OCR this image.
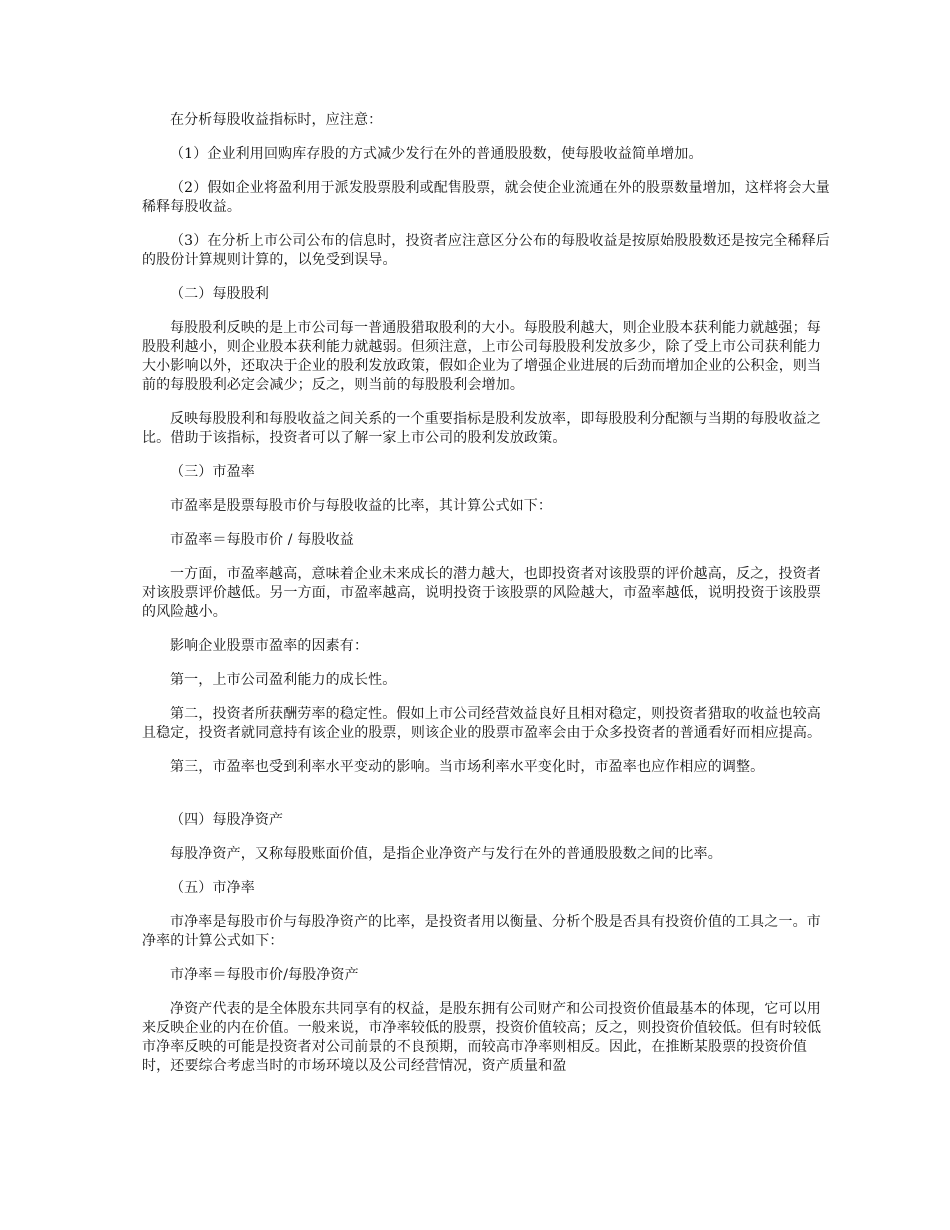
在分析每股收益指标时，应注意：

（1）企业利用回购库存股的方式减少发行在外的普通股股数，使每股收益简单增加。

（2）假如企业将盈利用于派发股票股利或配售股票，就会使企业流通在外的股票数量增加，这样将会大量稀释每股收益。

（3）在分析上市公司公布的信息时，投资者应注意区分公布的每股收益是按原始股股数还是按完全稀释后的股份计算规则计算的，以免受到误导。

（二）每股股利

每股股利反映的是上市公司每一普通股猎取股利的大小。每股股利越大，则企业股本获利能力就越强；每股股利越小，则企业股本获利能力就越弱。但须注意，上市公司每股股利发放多少，除了受上市公司获利能力大小影响以外，还取决于企业的股利发放政策，假如企业为了增强企业进展的后劲而增加企业的公积金，则当前的每股股利必定会减少；反之，则当前的每股股利会增加。

反映每股股利和每股收益之间关系的一个重要指标是股利发放率，即每股股利分配额与当期的每股收益之比。借助于该指标，投资者可以了解一家上市公司的股利发放政策。

（三）市盈率

市盈率是股票每股市价与每股收益的比率，其计算公式如下：

市盈率＝每股市价 / 每股收益

一方面，市盈率越高，意味着企业未来成长的潜力越大，也即投资者对该股票的评价越高，反之，投资者对该股票评价越低。另一方面，市盈率越高，说明投资于该股票的风险越大，市盈率越低，说明投资于该股票的风险越小。

影响企业股票市盈率的因素有：

第一，上市公司盈利能力的成长性。

第二，投资者所获酬劳率的稳定性。假如上市公司经营效益良好且相对稳定，则投资者猎取的收益也较高且稳定，投资者就同意持有该企业的股票，则该企业的股票市盈率会由于众多投资者的普通看好而相应提高。

第三，市盈率也受到利率水平变动的影响。当市场利率水平变化时，市盈率也应作相应的调整。

（四）每股净资产

每股净资产，又称每股账面价值，是指企业净资产与发行在外的普通股股数之间的比率。

（五）市净率

市净率是每股市价与每股净资产的比率，是投资者用以衡量、分析个股是否具有投资价值的工具之一。市净率的计算公式如下：

市净率＝每股市价/每股净资产

净资产代表的是全体股东共同享有的权益，是股东拥有公司财产和公司投资价值最基本的体现，它可以用来反映企业的内在价值。一般来说，市净率较低的股票，投资价值较高；反之，则投资价值较低。但有时较低市净率反映的可能是投资者对公司前景的不良预期，而较高市净率则相反。因此，在推断某股票的投资价值时，还要综合考虑当时的市场环境以及公司经营情况，资产质量和盈
